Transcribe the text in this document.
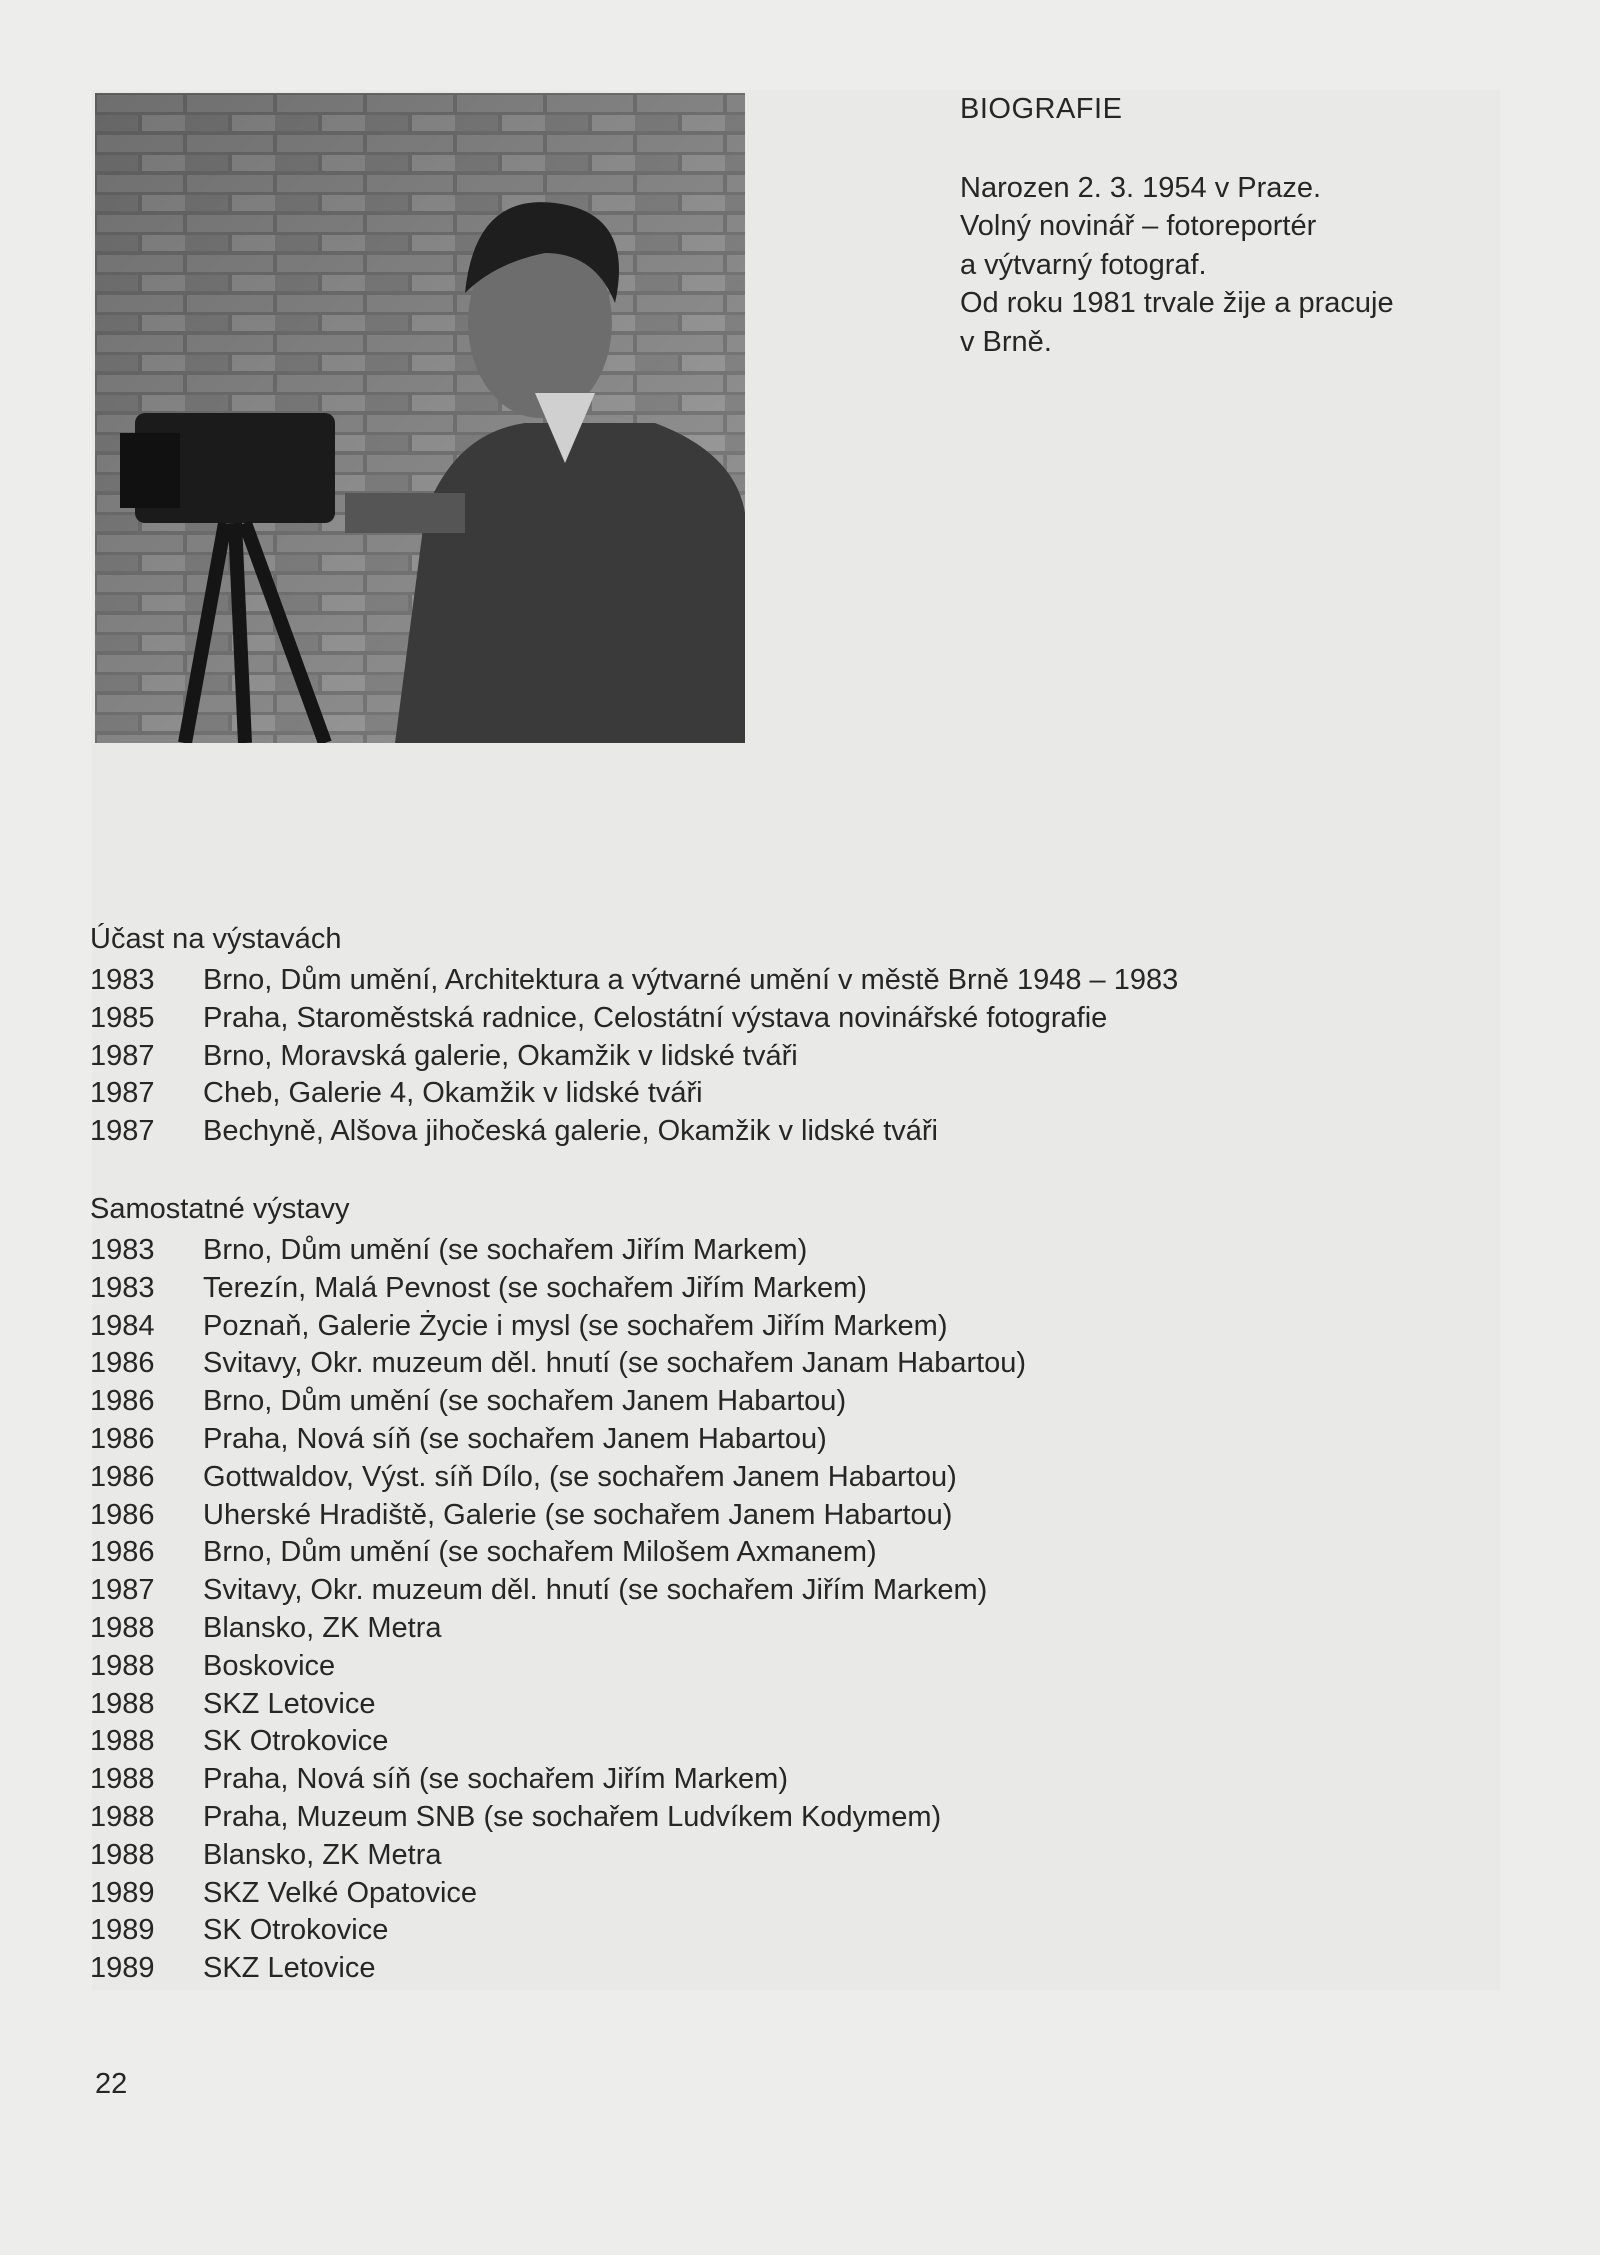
BIOGRAFIE

Narozen 2. 3. 1954 v Praze.

Volný novinář – fotoreportér

a výtvarný fotograf.

Od roku 1981 trvale žije a pracuje

v Brně.

Účast na výstavách
1983	Brno, Dům umění, Architektura a výtvarné umění v městě Brně 1948 – 1983
1985	Praha, Staroměstská radnice, Celostátní výstava novinářské fotografie
1987	Brno, Moravská galerie, Okamžik v lidské tváři
1987	Cheb, Galerie 4, Okamžik v lidské tváři
1987	Bechyně, Alšova jihočeská galerie, Okamžik v lidské tváři
Samostatné výstavy
1983	Brno, Dům umění (se sochařem Jiřím Markem)
1983	Terezín, Malá Pevnost (se sochařem Jiřím Markem)
1984	Poznaň, Galerie Życie i mysl (se sochařem Jiřím Markem)
1986	Svitavy, Okr. muzeum děl. hnutí (se sochařem Janam Habartou)
1986	Brno, Dům umění (se sochařem Janem Habartou)
1986	Praha, Nová síň (se sochařem Janem Habartou)
1986	Gottwaldov, Výst. síň Dílo, (se sochařem Janem Habartou)
1986	Uherské Hradiště, Galerie (se sochařem Janem Habartou)
1986	Brno, Dům umění (se sochařem Milošem Axmanem)
1987	Svitavy, Okr. muzeum děl. hnutí (se sochařem Jiřím Markem)
1988	Blansko, ZK Metra
1988	Boskovice
1988	SKZ Letovice
1988	SK Otrokovice
1988	Praha, Nová síň (se sochařem Jiřím Markem)
1988	Praha, Muzeum SNB (se sochařem Ludvíkem Kodymem)
1988	Blansko, ZK Metra
1989	SKZ Velké Opatovice
1989	SK Otrokovice
1989	SKZ Letovice
22
